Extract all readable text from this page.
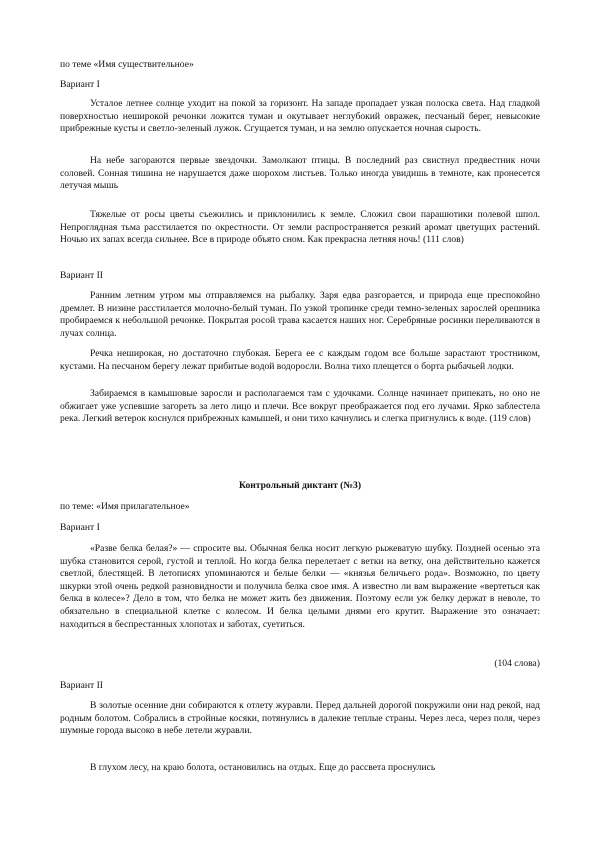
по теме «Имя существительное»
Вариант I
Усталое летнее солнце уходит на покой за горизонт. На западе пропадает узкая полоска света. Над гладкой поверхностью неширокой речонки ложится туман и окутывает неглубокий овражек, песчаный берег, невысокие прибрежные кусты и светло-зеленый лужок. Сгущается туман, и на землю опускается ночная сырость.
На небе загораются первые звездочки. Замолкают птицы. В последний раз свистнул предвестник ночи соловей. Сонная тишина не нарушается даже шорохом листьев. Только иногда увидишь в темноте, как пронесется летучая мышь
Тяжелые от росы цветы съежились и приклонились к земле. Сложил свои парашютики полевой шпол. Непроглядная тьма расстилается по окрестности. От земли распространяется резкий аромат цветущих растений. Ночью их запах всегда сильнее. Все в природе объято сном. Как прекрасна летняя ночь! (111 слов)
Вариант II
Ранним летним утром мы отправляемся на рыбалку. Заря едва разгорается, и природа еще преспокойно дремлет. В низине расстилается молочно-белый туман. По узкой тропинке среди темно-зеленых зарослей орешника пробираемся к небольшой речонке. Покрытая росой трава касается наших ног. Серебряные росинки переливаются в лучах солнца.
Речка неширокая, но достаточно глубокая. Берега ее с каждым годом все больше зарастают тростником, кустами. На песчаном берегу лежат прибитые водой водоросли. Волна тихо плещется о борта рыбачьей лодки.
Забираемся в камышовые заросли и располагаемся там с удочками. Солнце начинает припекать, но оно не обжигает уже успевшие загореть за лето лицо и плечи. Все вокруг преображается под его лучами. Ярко заблестела река. Легкий ветерок коснулся прибрежных камышей, и они тихо качнулись и слегка пригнулись к воде. (119 слов)
Контрольный диктант (№3)
по теме: «Имя прилагательное»
Вариант I
«Разве белка белая?» — спросите вы. Обычная белка носит легкую рыжеватую шубку. Поздней осенью эта шубка становится серой, густой и теплой. Но когда белка перелетает с ветки на ветку, она действительно кажется светлой, блестящей. В летописях упоминаются и белые белки — «князья беличьего рода». Возможно, по цвету шкурки этой очень редкой разновидности и получила белка свое имя. А известно ли вам выражение «вертеться как белка в колесе»? Дело в том, что белка не может жить без движения. Поэтому если уж белку держат в неволе, то обязательно в специальной клетке с колесом. И белка целыми днями его крутит. Выражение это означает: находиться в беспрестанных хлопотах и заботах, суетиться.
(104 слова)
Вариант II
В золотые осенние дни собираются к отлету журавли. Перед дальней дорогой покружили они над рекой, над родным болотом. Собрались в стройные косяки, потянулись в далекие теплые страны. Через леса, через поля, через шумные города высоко в небе летели журавли.
В глухом лесу, на краю болота, остановились на отдых. Еще до рассвета проснулись
